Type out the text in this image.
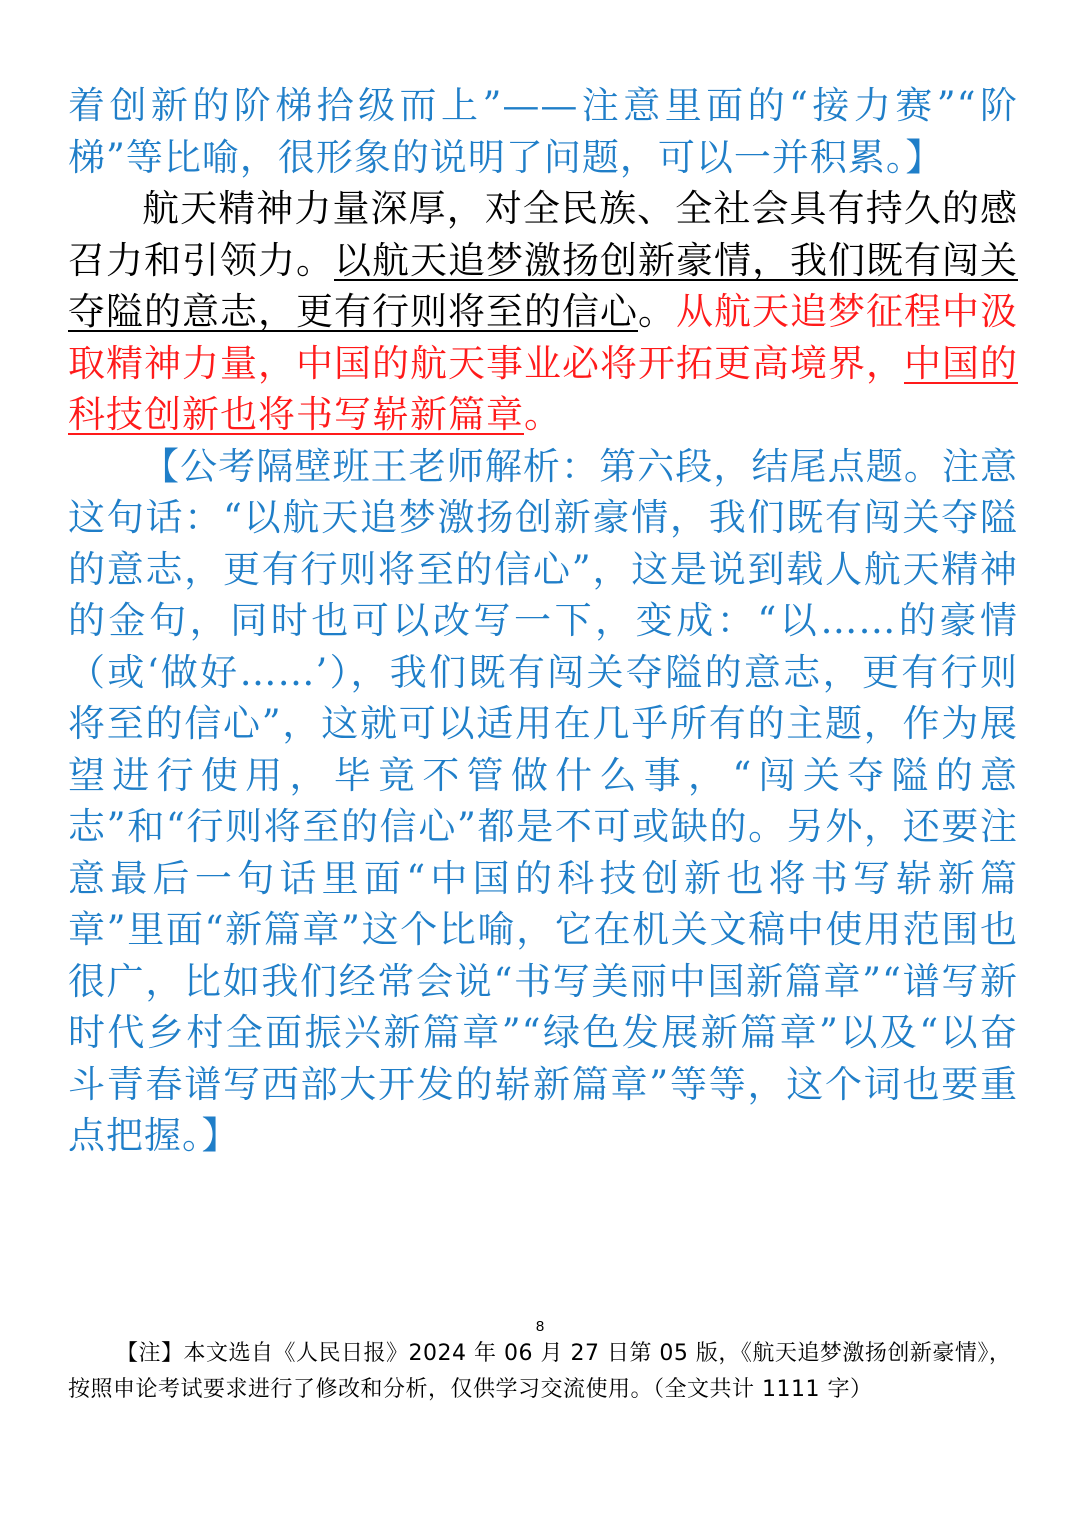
着创新的阶梯拾级而上”——注意里面的“接力赛”“阶梯”等比喻，很形象的说明了问题，可以一并积累。】

航天精神力量深厚，对全民族、全社会具有持久的感召力和引领力。以航天追梦激扬创新豪情，我们既有闯关夺隘的意志，更有行则将至的信心。从航天追梦征程中汲取精神力量，中国的航天事业必将开拓更高境界，中国的科技创新也将书写崭新篇章。

【公考隔壁班王老师解析：第六段，结尾点题。注意这句话：“以航天追梦激扬创新豪情，我们既有闯关夺隘的意志，更有行则将至的信心”，这是说到载人航天精神的金句，同时也可以改写一下，变成：“以……的豪情（或‘做好……’），我们既有闯关夺隘的意志，更有行则将至的信心”，这就可以适用在几乎所有的主题，作为展望进行使用，毕竟不管做什么事，“闯关夺隘的意志”和“行则将至的信心”都是不可或缺的。另外，还要注意最后一句话里面“中国的科技创新也将书写崭新篇章”里面“新篇章”这个比喻，它在机关文稿中使用范围也很广，比如我们经常会说“书写美丽中国新篇章”“谱写新时代乡村全面振兴新篇章”“绿色发展新篇章”以及“以奋斗青春谱写西部大开发的崭新篇章”等等，这个词也要重点把握。】

8
【注】本文选自《人民日报》2024 年 06 月 27 日第 05 版，《航天追梦激扬创新豪情》，按照申论考试要求进行了修改和分析，仅供学习交流使用。（全文共计 1111 字）
